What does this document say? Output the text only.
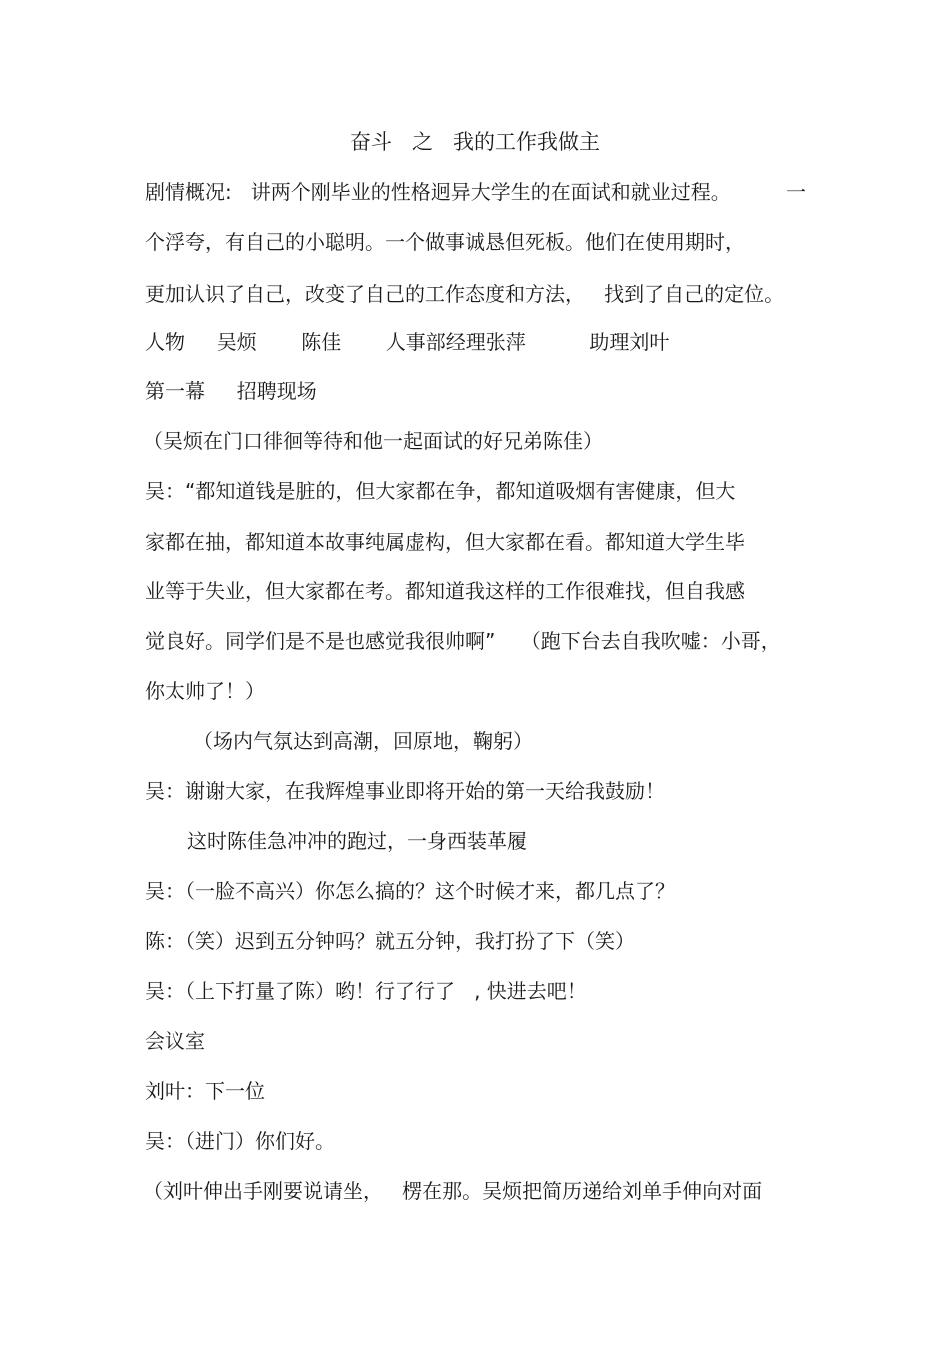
奋斗   之   我的工作我做主
剧情概况:   讲两个刚毕业的性格迥异大学生的在面试和就业过程。	一
个浮夸，有自己的小聪明。一个做事诚恳但死板。他们在使用期时，
更加认识了自己，改变了自己的工作态度和方法，   找到了自己的定位。
人物     吴烦       陈佳       人事部经理张萍          助理刘叶
第一幕     招聘现场
（吴烦在门口徘徊等待和他一起面试的好兄弟陈佳）
吴：“都知道钱是脏的，但大家都在争，都知道吸烟有害健康，但大
家都在抽，都知道本故事纯属虚构，但大家都在看。都知道大学生毕
业等于失业，但大家都在考。都知道我这样的工作很难找，但自我感
觉良好。同学们是不是也感觉我很帅啊”    （跑下台去自我吹嘘：小哥，
你太帅了！）
（场内气氛达到高潮，回原地，鞠躬）
吴：谢谢大家，在我辉煌事业即将开始的第一天给我鼓励！
这时陈佳急冲冲的跑过，一身西装革履
吴：（一脸不高兴）你怎么搞的？这个时候才来，都几点了？
陈：（笑）迟到五分钟吗？就五分钟，我打扮了下（笑）
吴：（上下打量了陈）哟！行了行了   , 快进去吧！
会议室
刘叶：下一位
吴：（进门）你们好。
（刘叶伸出手刚要说请坐，   楞在那。吴烦把简历递给刘单手伸向对面
